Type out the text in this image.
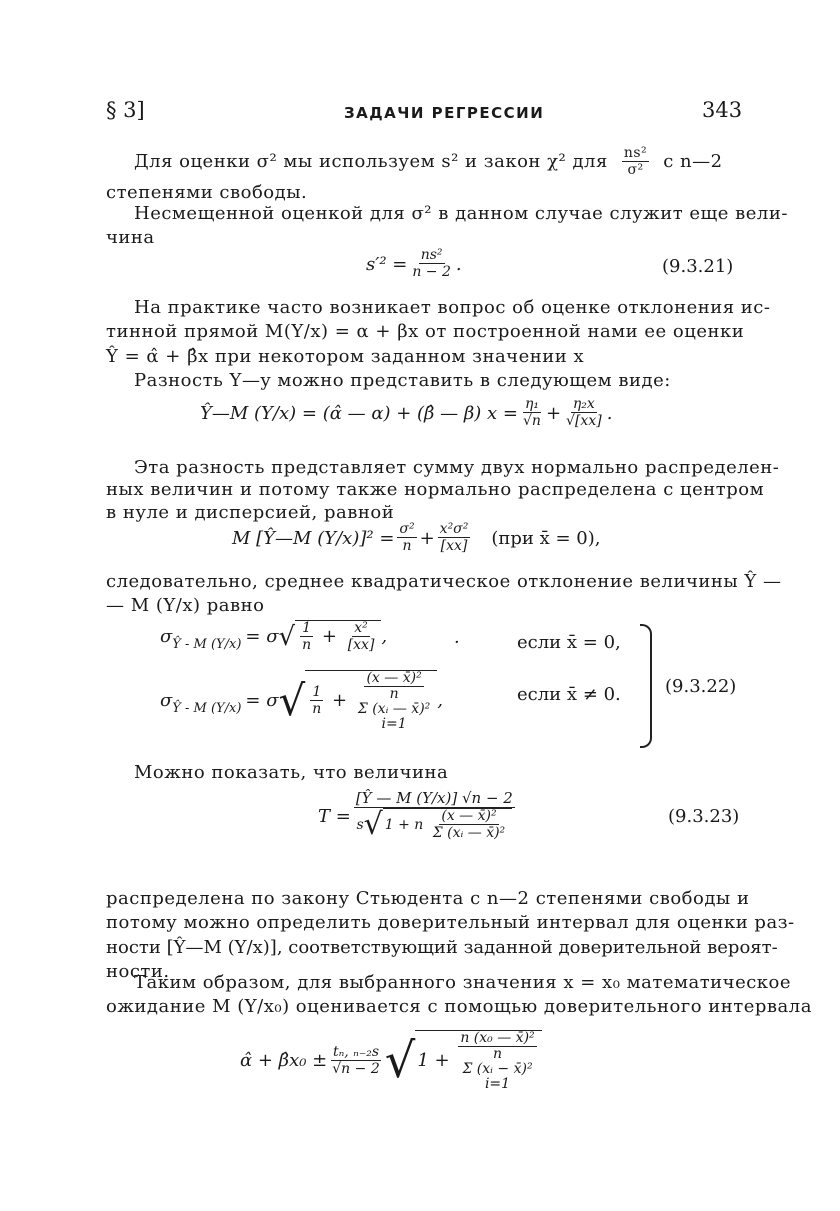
§ 3]	ЗАДАЧИ РЕГРЕССИИ	343
Для оценки σ² мы используем s² и закон χ² для $\frac{\text{ns²}}{\text{σ²}}$ с n—2
степенями свободы.
Несмещенной оценкой для σ² в данном случае служит еще вели-
чина
$s'^2 = \frac{\text{ns²}}{n - 2}$ .	(9.3.21)
На практике часто возникает вопрос об оценке отклонения ис-
тинной прямой M(Y/x) = α + βx от построенной нами ее оценки
Ŷ = α̂ + β̂x при некотором заданном значении x
Разность Y—y можно представить в следующем виде:
Ŷ—M (Y/x) = (α̂ — α) + (β̂ — β) $x = \frac{\text{η₁}}{√n} + \frac{\text{η₂x}}{√[xx]}$ .
Эта разность представляет сумму двух нормально распределен-
ных величин и потому также нормально распределена с центром
в нуле и дисперсией, равной
M [Ŷ—M $(Y/x)]^2 = \frac{\text{σ²}}{n} + \frac{\text{x²σ²}}{[xx]} (при$ x̄ = 0),
следовательно, среднее квадратическое отклонение величины Ŷ —
— M (Y/x) равно
σ Ŷ - M (Y/x) = σ √ $\frac{1}{n} + \frac{\text{x²}}{[xx]}$ ,	·	если x̄ = 0,
σ Ŷ - M (Y/x) = σ √ $\frac{1}{n}$ +
(x — x̄)²
n
Σ (xᵢ — x̄)²
i=1
,	если x̄ ≠ 0. (9.3.22)
Можно показать, что величина
T =
[Ŷ — M (Y/x)] √n − 2
s √ 1 + n $\frac{\text{(x — x̄)²}}{\text{Σ (xᵢ — x̄)²}}$	(9.3.23)
распределена по закону Стьюдента с n—2 степенями свободы и
потому можно определить доверительный интервал для оценки раз-
ности [Ŷ—M (Y/x)], соответствующий заданной доверительной вероят-
ности.
Таким образом, для выбранного значения x = x₀ математическое
ожидание M (Y/x₀) оценивается с помощью доверительного интервала
α̂ + β̂x₀ ± $\frac{\text{tₙ, ₙ₋₂s}}{√n - 2}$ √ 1 +
n (x₀ — x̄)²
n
Σ (xᵢ − x̄)²
i=1
